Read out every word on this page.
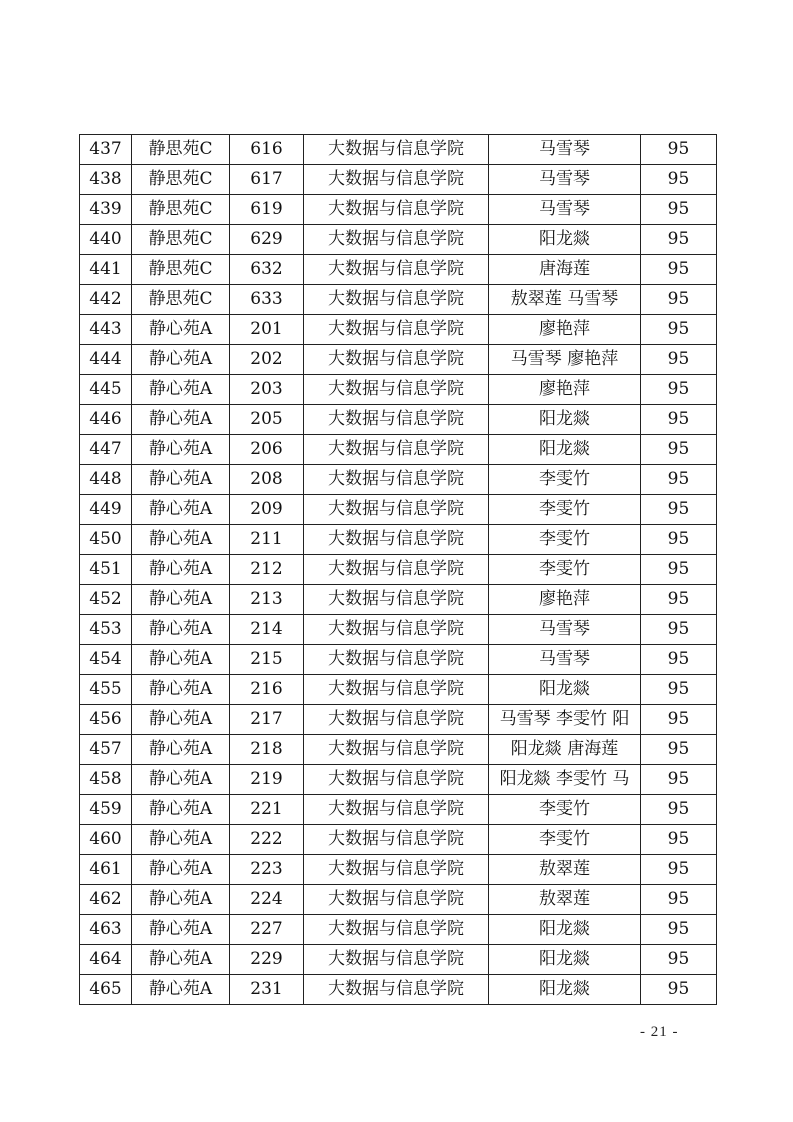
437	静思苑C	616	大数据与信息学院	马雪琴	95
438	静思苑C	617	大数据与信息学院	马雪琴	95
439	静思苑C	619	大数据与信息学院	马雪琴	95
440	静思苑C	629	大数据与信息学院	阳龙燚	95
441	静思苑C	632	大数据与信息学院	唐海莲	95
442	静思苑C	633	大数据与信息学院	敖翠莲 马雪琴	95
443	静心苑A	201	大数据与信息学院	廖艳萍	95
444	静心苑A	202	大数据与信息学院	马雪琴 廖艳萍	95
445	静心苑A	203	大数据与信息学院	廖艳萍	95
446	静心苑A	205	大数据与信息学院	阳龙燚	95
447	静心苑A	206	大数据与信息学院	阳龙燚	95
448	静心苑A	208	大数据与信息学院	李雯竹	95
449	静心苑A	209	大数据与信息学院	李雯竹	95
450	静心苑A	211	大数据与信息学院	李雯竹	95
451	静心苑A	212	大数据与信息学院	李雯竹	95
452	静心苑A	213	大数据与信息学院	廖艳萍	95
453	静心苑A	214	大数据与信息学院	马雪琴	95
454	静心苑A	215	大数据与信息学院	马雪琴	95
455	静心苑A	216	大数据与信息学院	阳龙燚	95
456	静心苑A	217	大数据与信息学院	马雪琴 李雯竹 阳	95
457	静心苑A	218	大数据与信息学院	阳龙燚 唐海莲	95
458	静心苑A	219	大数据与信息学院	阳龙燚 李雯竹 马	95
459	静心苑A	221	大数据与信息学院	李雯竹	95
460	静心苑A	222	大数据与信息学院	李雯竹	95
461	静心苑A	223	大数据与信息学院	敖翠莲	95
462	静心苑A	224	大数据与信息学院	敖翠莲	95
463	静心苑A	227	大数据与信息学院	阳龙燚	95
464	静心苑A	229	大数据与信息学院	阳龙燚	95
465	静心苑A	231	大数据与信息学院	阳龙燚	95
- 21 -
